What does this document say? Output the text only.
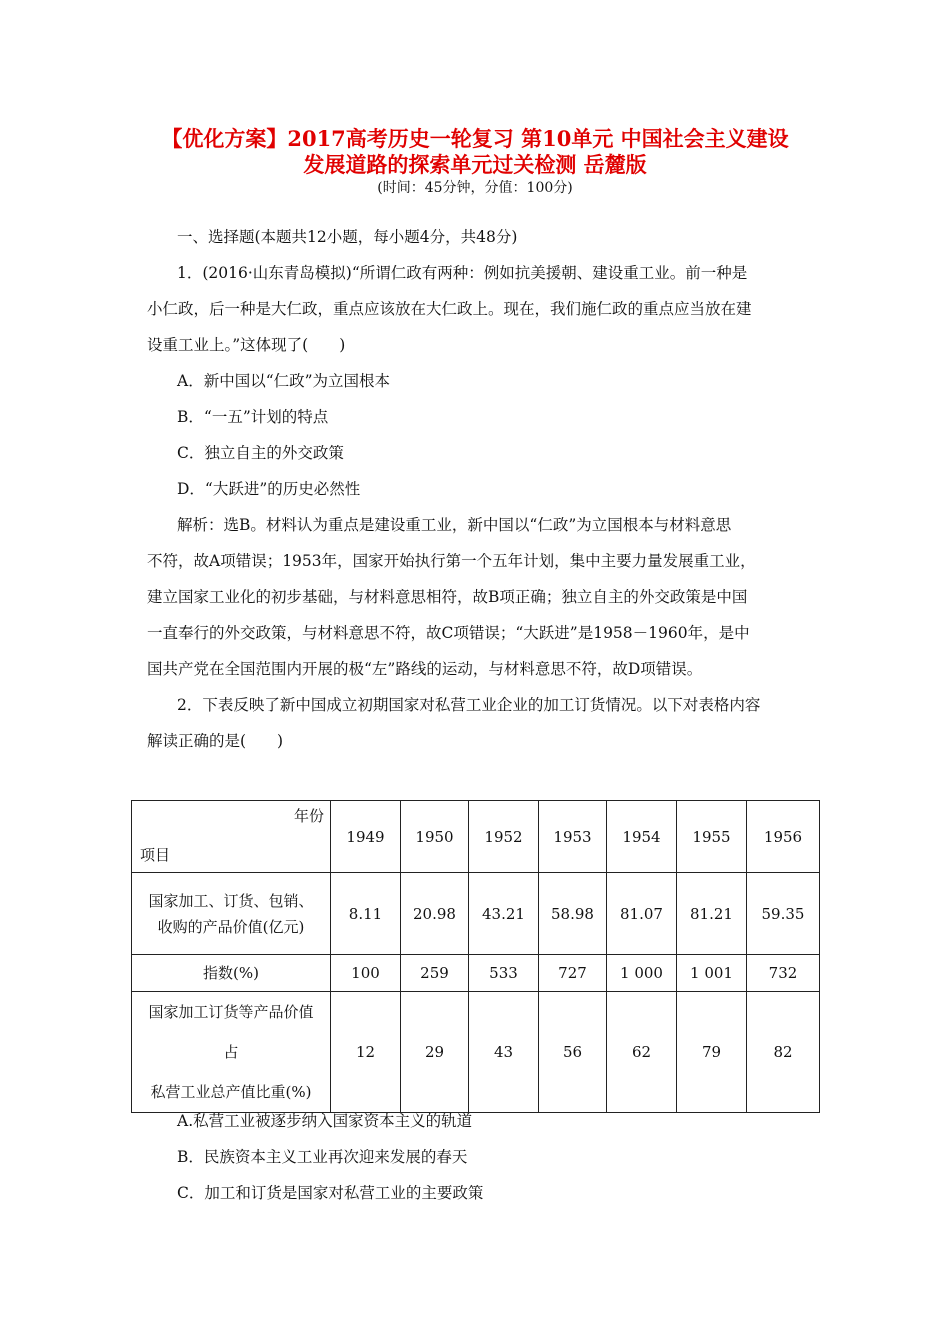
【优化方案】2017高考历史一轮复习 第10单元 中国社会主义建设
发展道路的探索单元过关检测 岳麓版
(时间：45分钟，分值：100分)
一、选择题(本题共12小题，每小题4分，共48分)
1．(2016·山东青岛模拟)“所谓仁政有两种：例如抗美援朝、建设重工业。前一种是
小仁政，后一种是大仁政，重点应该放在大仁政上。现在，我们施仁政的重点应当放在建
设重工业上。”这体现了(　　)
A．新中国以“仁政”为立国根本
B．“一五”计划的特点
C．独立自主的外交政策
D．“大跃进”的历史必然性
解析：选B。材料认为重点是建设重工业，新中国以“仁政”为立国根本与材料意思
不符，故A项错误；1953年，国家开始执行第一个五年计划，集中主要力量发展重工业，
建立国家工业化的初步基础，与材料意思相符，故B项正确；独立自主的外交政策是中国
一直奉行的外交政策，与材料意思不符，故C项错误；“大跃进”是1958－1960年，是中
国共产党在全国范围内开展的极“左”路线的运动，与材料意思不符，故D项错误。
2．下表反映了新中国成立初期国家对私营工业企业的加工订货情况。以下对表格内容
解读正确的是(　　)
年份
项目	1949	1950	1952	1953	1954	1955	1956

国家加工、订货、包销、
收购的产品价值(亿元)	8.11	20.98	43.21	58.98	81.07	81.21	59.35
指数(%)	100	259	533	727	1 000	1 001	732

国家加工订货等产品价值
占
私营工业总产值比重(%)	12	29	43	56	62	79	82
A.私营工业被逐步纳入国家资本主义的轨道
B．民族资本主义工业再次迎来发展的春天
C．加工和订货是国家对私营工业的主要政策
